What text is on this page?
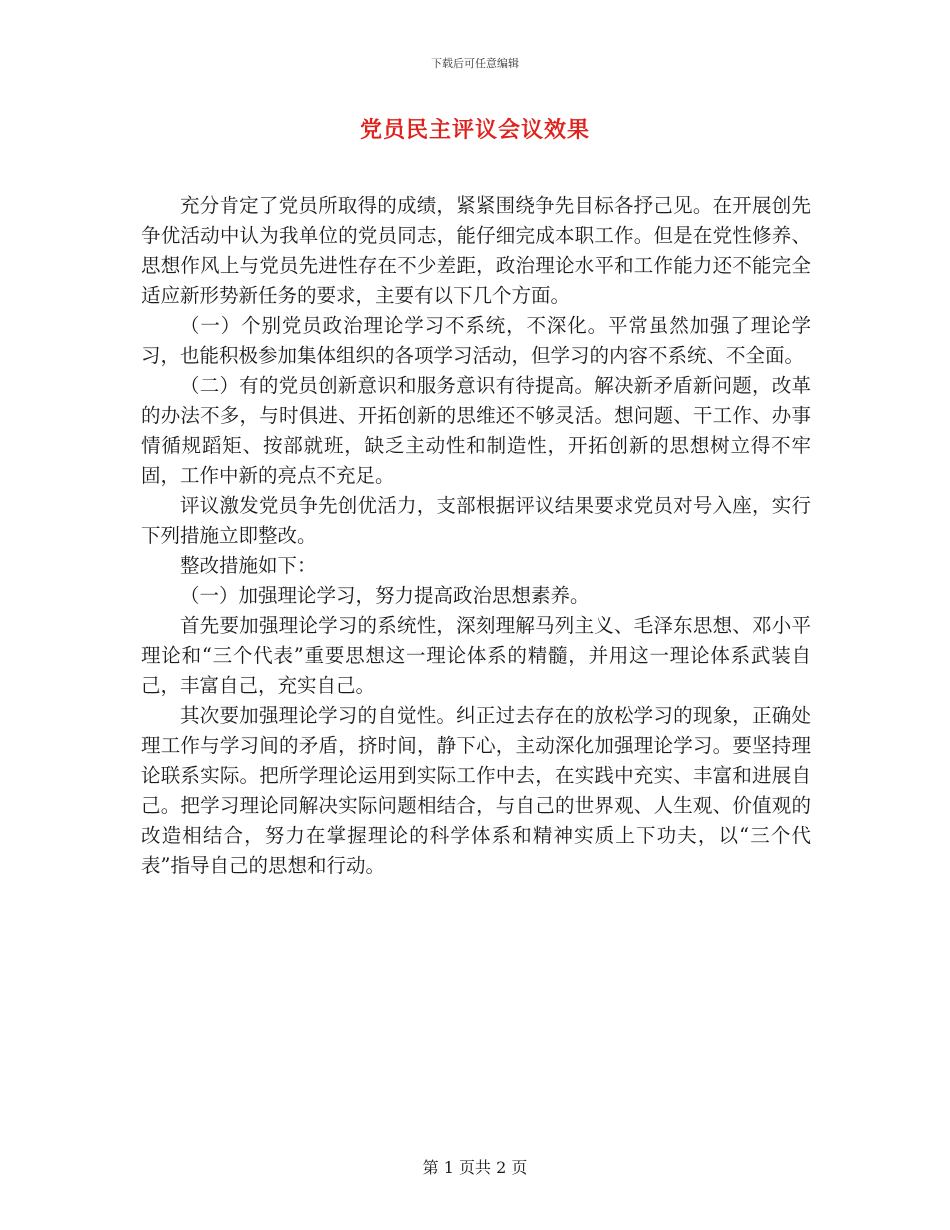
下载后可任意编辑
党员民主评议会议效果

充分肯定了党员所取得的成绩，紧紧围绕争先目标各抒己见。在开展创先争优活动中认为我单位的党员同志，能仔细完成本职工作。但是在党性修养、思想作风上与党员先进性存在不少差距，政治理论水平和工作能力还不能完全适应新形势新任务的要求，主要有以下几个方面。

（一）个别党员政治理论学习不系统，不深化。平常虽然加强了理论学习，也能积极参加集体组织的各项学习活动，但学习的内容不系统、不全面。

（二）有的党员创新意识和服务意识有待提高。解决新矛盾新问题，改革的办法不多，与时俱进、开拓创新的思维还不够灵活。想问题、干工作、办事情循规蹈矩、按部就班，缺乏主动性和制造性，开拓创新的思想树立得不牢固，工作中新的亮点不充足。

评议激发党员争先创优活力，支部根据评议结果要求党员对号入座，实行下列措施立即整改。

整改措施如下：

（一）加强理论学习，努力提高政治思想素养。

首先要加强理论学习的系统性，深刻理解马列主义、毛泽东思想、邓小平理论和“三个代表”重要思想这一理论体系的精髓，并用这一理论体系武装自己，丰富自己，充实自己。

其次要加强理论学习的自觉性。纠正过去存在的放松学习的现象，正确处理工作与学习间的矛盾，挤时间，静下心，主动深化加强理论学习。要坚持理论联系实际。把所学理论运用到实际工作中去，在实践中充实、丰富和进展自己。把学习理论同解决实际问题相结合，与自己的世界观、人生观、价值观的改造相结合，努力在掌握理论的科学体系和精神实质上下功夫，以“三个代表”指导自己的思想和行动。

第 1 页共 2 页
